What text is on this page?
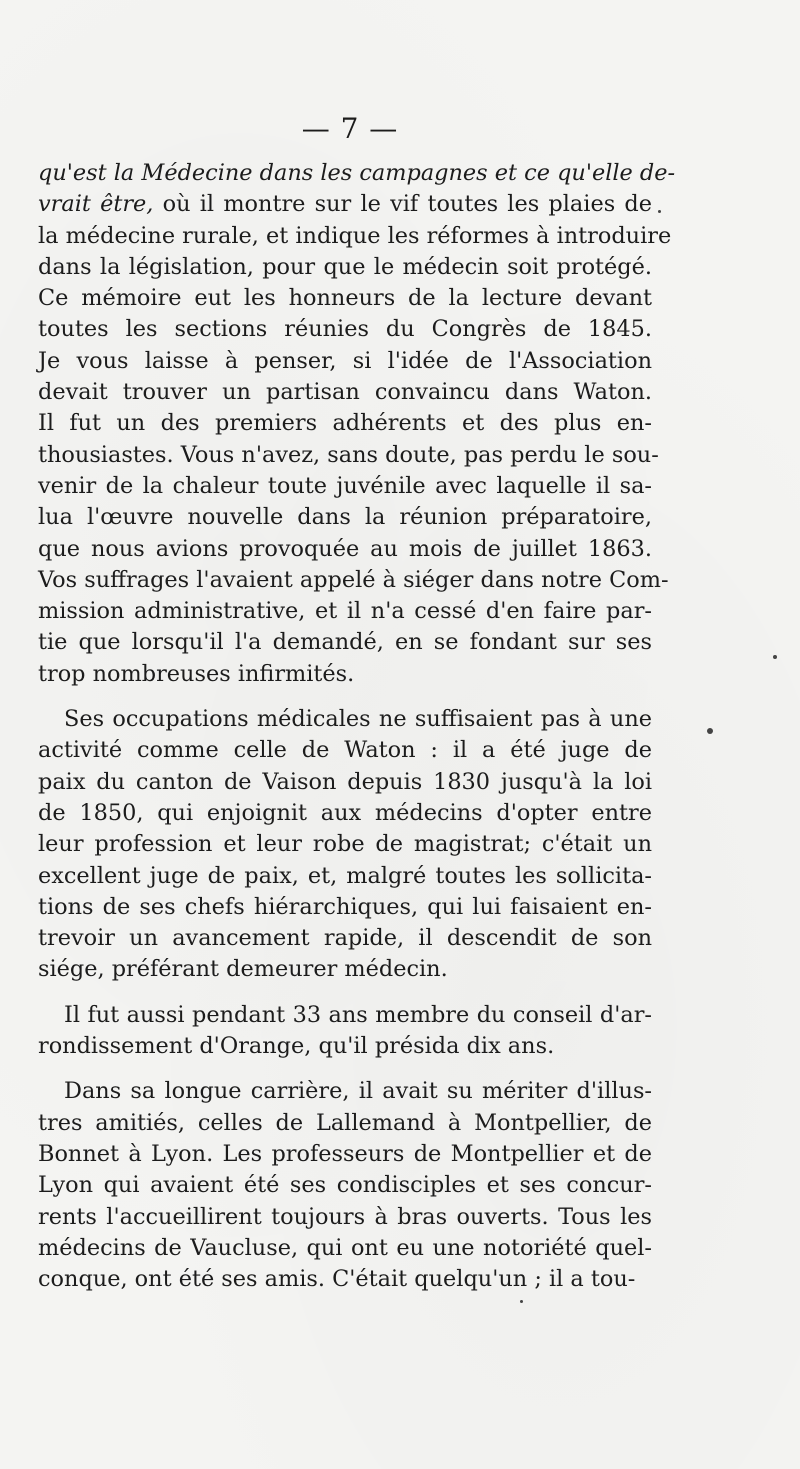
— 7 —
qu'est la Médecine dans les campagnes et ce qu'elle de-
vrait être, où il montre sur le vif toutes les plaies de
la médecine rurale, et indique les réformes à introduire
dans la législation, pour que le médecin soit protégé.
Ce mémoire eut les honneurs de la lecture devant
toutes les sections réunies du Congrès de 1845.
Je vous laisse à penser, si l'idée de l'Association
devait trouver un partisan convaincu dans Waton.
Il fut un des premiers adhérents et des plus en-
thousiastes. Vous n'avez, sans doute, pas perdu le sou-
venir de la chaleur toute juvénile avec laquelle il sa-
lua l'œuvre nouvelle dans la réunion préparatoire,
que nous avions provoquée au mois de juillet 1863.
Vos suffrages l'avaient appelé à siéger dans notre Com-
mission administrative, et il n'a cessé d'en faire par-
tie que lorsqu'il l'a demandé, en se fondant sur ses
trop nombreuses infirmités.
Ses occupations médicales ne suffisaient pas à une
activité comme celle de Waton : il a été juge de
paix du canton de Vaison depuis 1830 jusqu'à la loi
de 1850, qui enjoignit aux médecins d'opter entre
leur profession et leur robe de magistrat; c'était un
excellent juge de paix, et, malgré toutes les sollicita-
tions de ses chefs hiérarchiques, qui lui faisaient en-
trevoir un avancement rapide, il descendit de son
siége, préférant demeurer médecin.
Il fut aussi pendant 33 ans membre du conseil d'ar-
rondissement d'Orange, qu'il présida dix ans.
Dans sa longue carrière, il avait su mériter d'illus-
tres amitiés, celles de Lallemand à Montpellier, de
Bonnet à Lyon. Les professeurs de Montpellier et de
Lyon qui avaient été ses condisciples et ses concur-
rents l'accueillirent toujours à bras ouverts. Tous les
médecins de Vaucluse, qui ont eu une notoriété quel-
conque, ont été ses amis. C'était quelqu'un ; il a tou-
